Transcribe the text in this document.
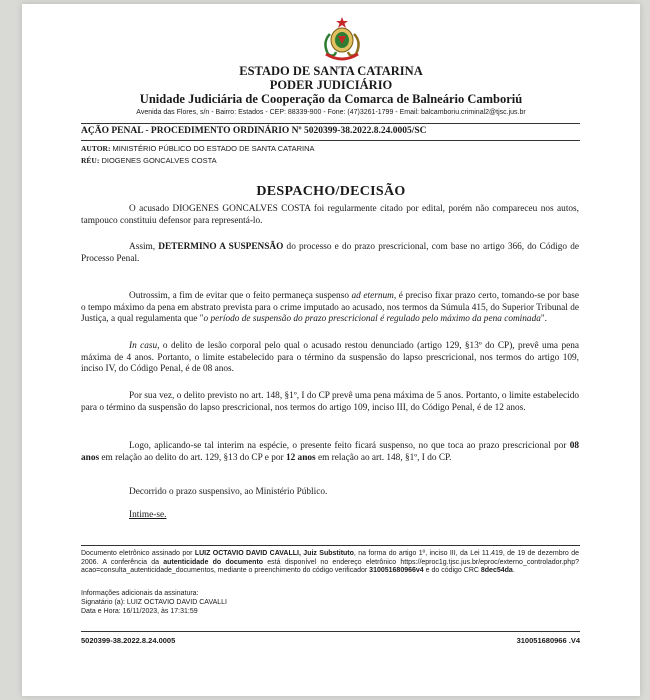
ESTADO DE SANTA CATARINA
PODER JUDICIÁRIO
Unidade Judiciária de Cooperação da Comarca de Balneário Camboriú
Avenida das Flores, s/n - Bairro: Estados - CEP: 88339-900 - Fone: (47)3261-1799 - Email: balcamboriu.criminal2@tjsc.jus.br
AÇÃO PENAL - PROCEDIMENTO ORDINÁRIO Nº 5020399-38.2022.8.24.0005/SC
AUTOR: MINISTÉRIO PÚBLICO DO ESTADO DE SANTA CATARINA
RÉU: DIOGENES GONCALVES COSTA
DESPACHO/DECISÃO

O acusado DIOGENES GONCALVES COSTA foi regularmente citado por edital, porém não compareceu nos autos, tampouco constituiu defensor para representá-lo.

Assim, DETERMINO A SUSPENSÃO do processo e do prazo prescricional, com base no artigo 366, do Código de Processo Penal.

Outrossim, a fim de evitar que o feito permaneça suspenso ad eternum, é preciso fixar prazo certo, tomando-se por base o tempo máximo da pena em abstrato prevista para o crime imputado ao acusado, nos termos da Súmula 415, do Superior Tribunal de Justiça, a qual regulamenta que "o período de suspensão do prazo prescricional é regulado pelo máximo da pena cominada".

In casu, o delito de lesão corporal pelo qual o acusado restou denunciado (artigo 129, §13º do CP), prevê uma pena máxima de 4 anos. Portanto, o limite estabelecido para o término da suspensão do lapso prescricional, nos termos do artigo 109, inciso IV, do Código Penal, é de 08 anos.

Por sua vez, o delito previsto no art. 148, §1º, I do CP prevê uma pena máxima de 5 anos. Portanto, o limite estabelecido para o término da suspensão do lapso prescricional, nos termos do artigo 109, inciso III, do Código Penal, é de 12 anos.

Logo, aplicando-se tal interim na espécie, o presente feito ficará suspenso, no que toca ao prazo prescricional por 08 anos em relação ao delito do art. 129, §13 do CP e por 12 anos em relação ao art. 148, §1º, I do CP.

Decorrido o prazo suspensivo, ao Ministério Público.

Intime-se.

Documento eletrônico assinado por LUIZ OCTAVIO DAVID CAVALLI, Juiz Substituto, na forma do artigo 1º, inciso III, da Lei 11.419, de 19 de dezembro de 2006. A conferência da autenticidade do documento está disponível no endereço eletrônico https://eproc1g.tjsc.jus.br/eproc/externo_controlador.php?acao=consulta_autenticidade_documentos, mediante o preenchimento do código verificador 310051680966v4 e do código CRC 8dec54da.
Informações adicionais da assinatura:
Signatário (a): LUIZ OCTAVIO DAVID CAVALLI
Data e Hora: 16/11/2023, às 17:31:59
5020399-38.2022.8.24.0005	310051680966 .V4
